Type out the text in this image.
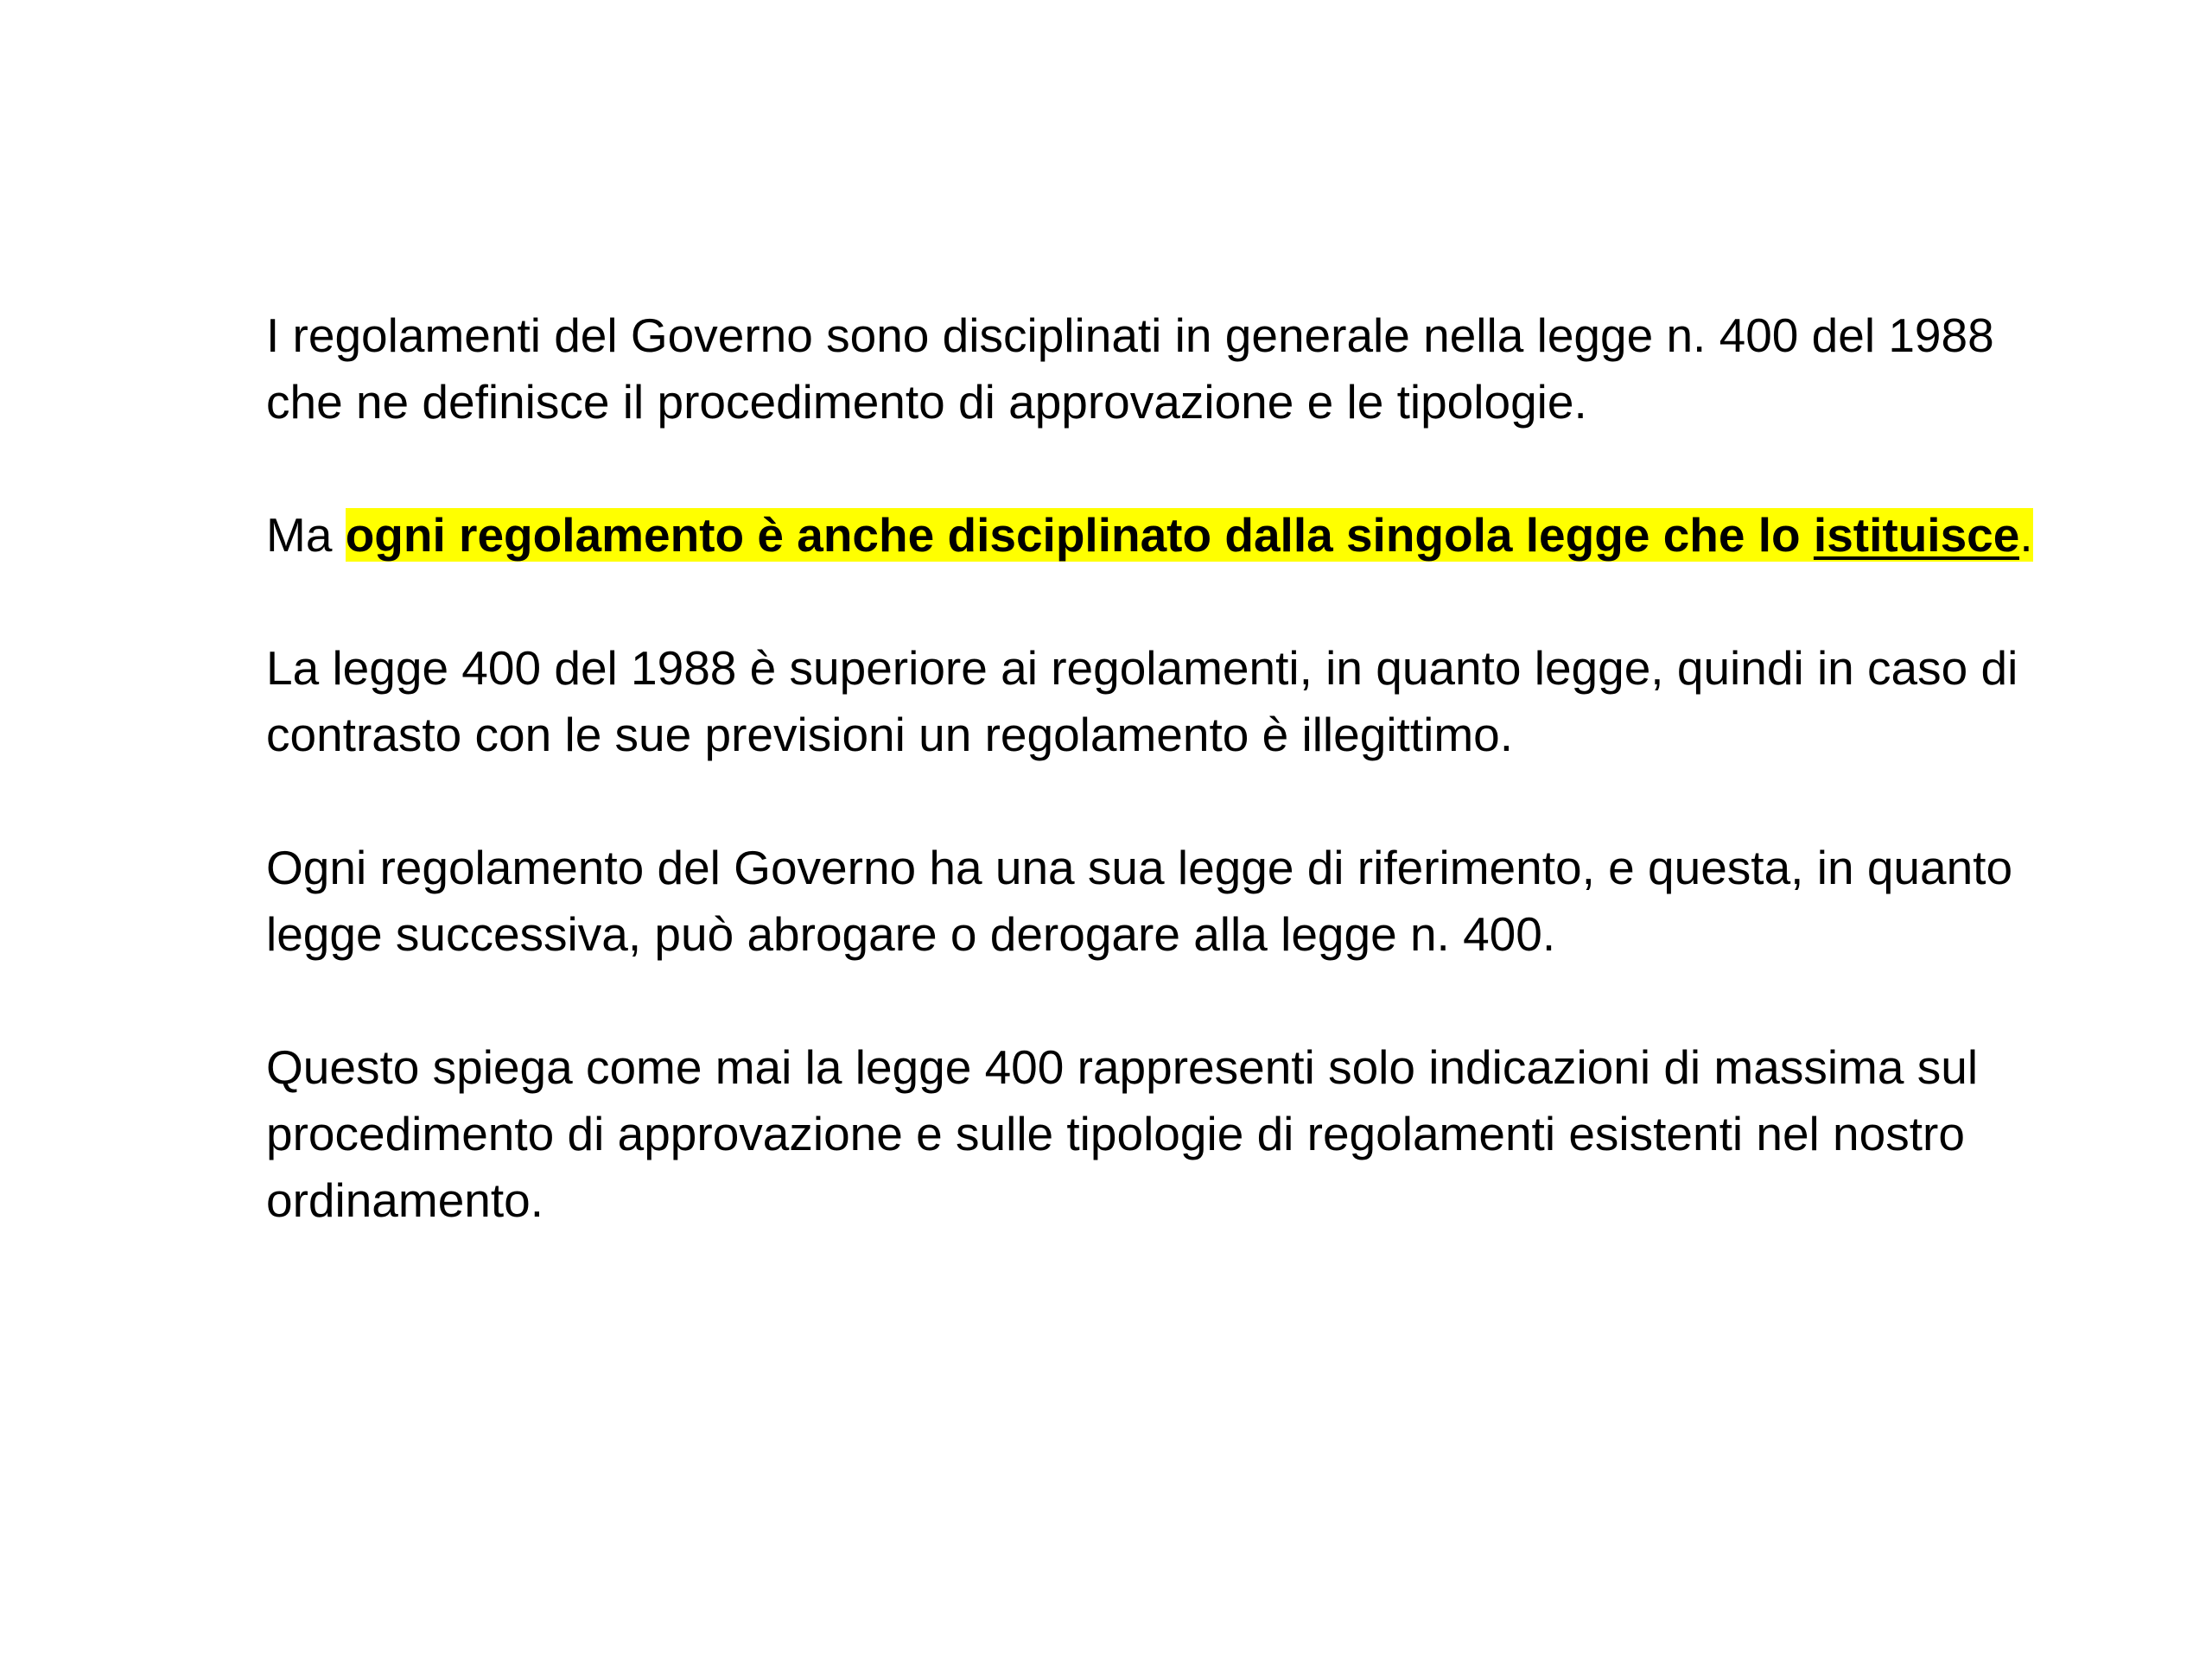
I regolamenti del Governo sono disciplinati in generale nella legge n. 400 del 1988 che ne definisce il procedimento di approvazione e le tipologie.

Ma ogni regolamento è anche disciplinato dalla singola legge che lo istituisce.

La legge 400 del 1988 è superiore ai regolamenti, in quanto legge, quindi in caso di contrasto con le sue previsioni un regolamento è illegittimo.

Ogni regolamento del Governo ha una sua legge di riferimento, e questa, in quanto legge successiva, può abrogare o derogare alla legge n. 400.

Questo spiega come mai la legge 400 rappresenti solo indicazioni di massima sul procedimento di approvazione e sulle tipologie di regolamenti esistenti nel nostro ordinamento.
